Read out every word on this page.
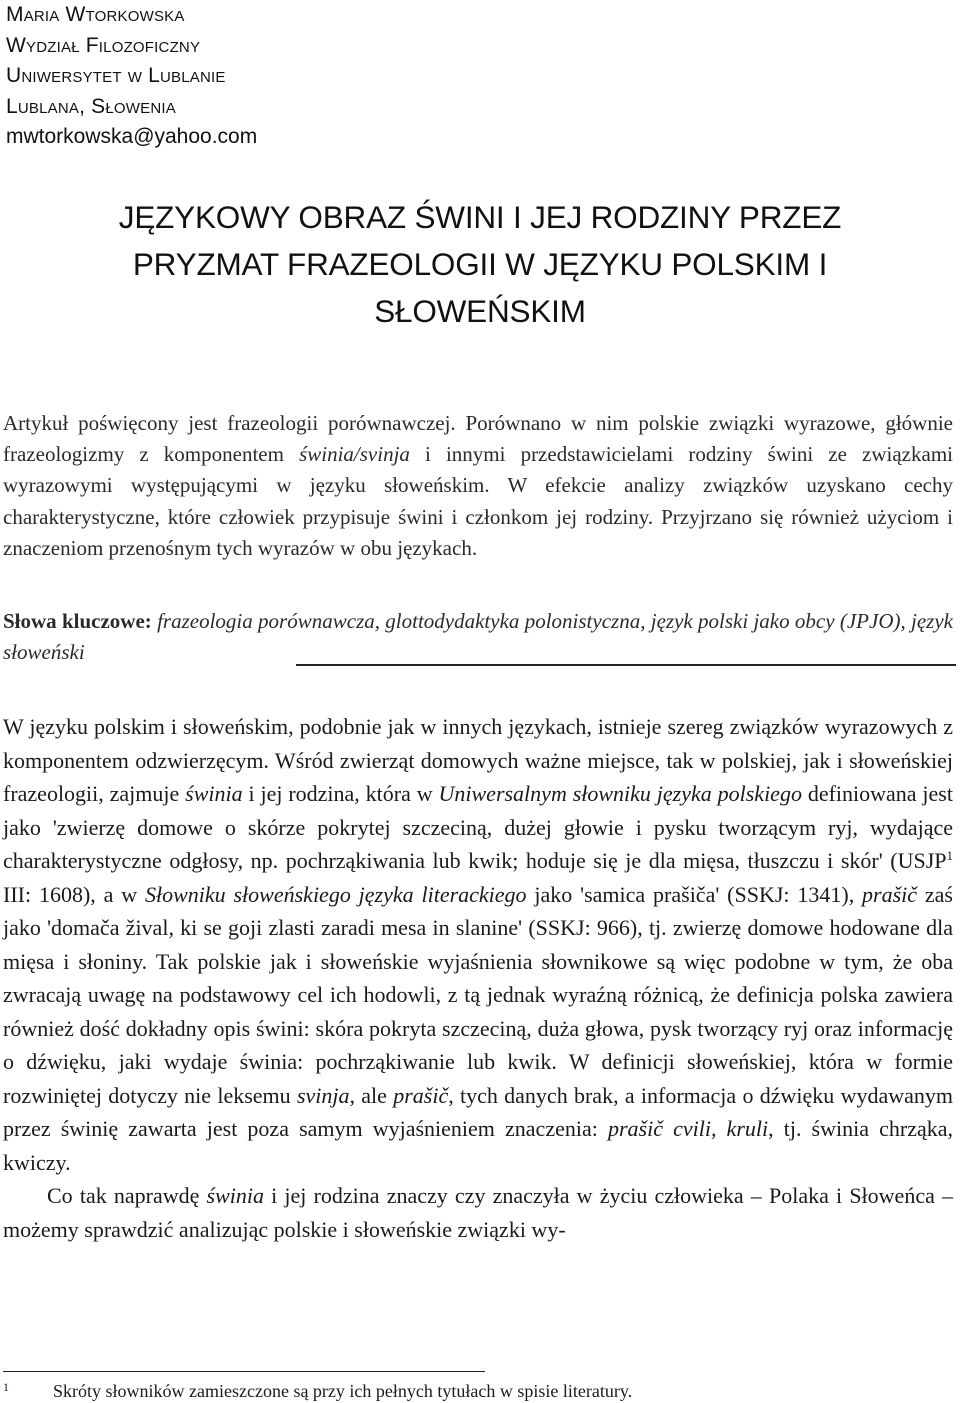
Maria Wtorkowska
Wydział Filozoficzny
Uniwersytet w Lublanie
Lublana, Słowenia
mwtorkowska@yahoo.com
JĘZYKOWY OBRAZ ŚWINI I JEJ RODZINY PRZEZ
PRYZMAT FRAZEOLOGII W JĘZYKU POLSKIM I
SŁOWEŃSKIM
Artykuł poświęcony jest frazeologii porównawczej. Porównano w nim polskie związki wyrazowe, głównie frazeologizmy z komponentem świnia/svinja i innymi przedstawicielami rodziny świni ze związkami wyrazowymi występującymi w języku słoweńskim. W efekcie analizy związków uzyskano cechy charakterystyczne, które człowiek przypisuje świni i członkom jej rodziny. Przyjrzano się również użyciom i znaczeniom przenośnym tych wyrazów w obu językach.
Słowa kluczowe: frazeologia porównawcza, glottodydaktyka polonistyczna, język polski jako obcy (JPJO), język słoweński

W języku polskim i słoweńskim, podobnie jak w innych językach, istnieje szereg związków wyrazowych z komponentem odzwierzęcym. Wśród zwierząt domowych ważne miejsce, tak w polskiej, jak i słoweńskiej frazeologii, zajmuje świnia i jej rodzina, która w Uniwersalnym słowniku języka polskiego definiowana jest jako 'zwierzę domowe o skórze pokrytej szczeciną, dużej głowie i pysku tworzącym ryj, wydające charakterystyczne odgłosy, np. pochrząkiwania lub kwik; hoduje się je dla mięsa, tłuszczu i skór' (USJP$^1$ III: 1608), a w Słowniku słoweńskiego języka literackiego jako 'samica prašiča' (SSKJ: 1341), prašič zaś jako 'domača žival, ki se goji zlasti zaradi mesa in slanine' (SSKJ: 966), tj. zwierzę domowe hodowane dla mięsa i słoniny. Tak polskie jak i słoweńskie wyjaśnienia słownikowe są więc podobne w tym, że oba zwracają uwagę na podstawowy cel ich hodowli, z tą jednak wyraźną różnicą, że definicja polska zawiera również dość dokładny opis świni: skóra pokryta szczeciną, duża głowa, pysk tworzący ryj oraz informację o dźwięku, jaki wydaje świnia: pochrząkiwanie lub kwik. W definicji słoweńskiej, która w formie rozwiniętej dotyczy nie leksemu svinja, ale prašič, tych danych brak, a informacja o dźwięku wydawanym przez świnię zawarta jest poza samym wyjaśnieniem znaczenia: prašič cvili, kruli, tj. świnia chrząka, kwiczy.

Co tak naprawdę świnia i jej rodzina znaczy czy znaczyła w życiu człowieka – Polaka i Słoweńca – możemy sprawdzić analizując polskie i słoweńskie związki wy-

1 Skróty słowników zamieszczone są przy ich pełnych tytułach w spisie literatury.
